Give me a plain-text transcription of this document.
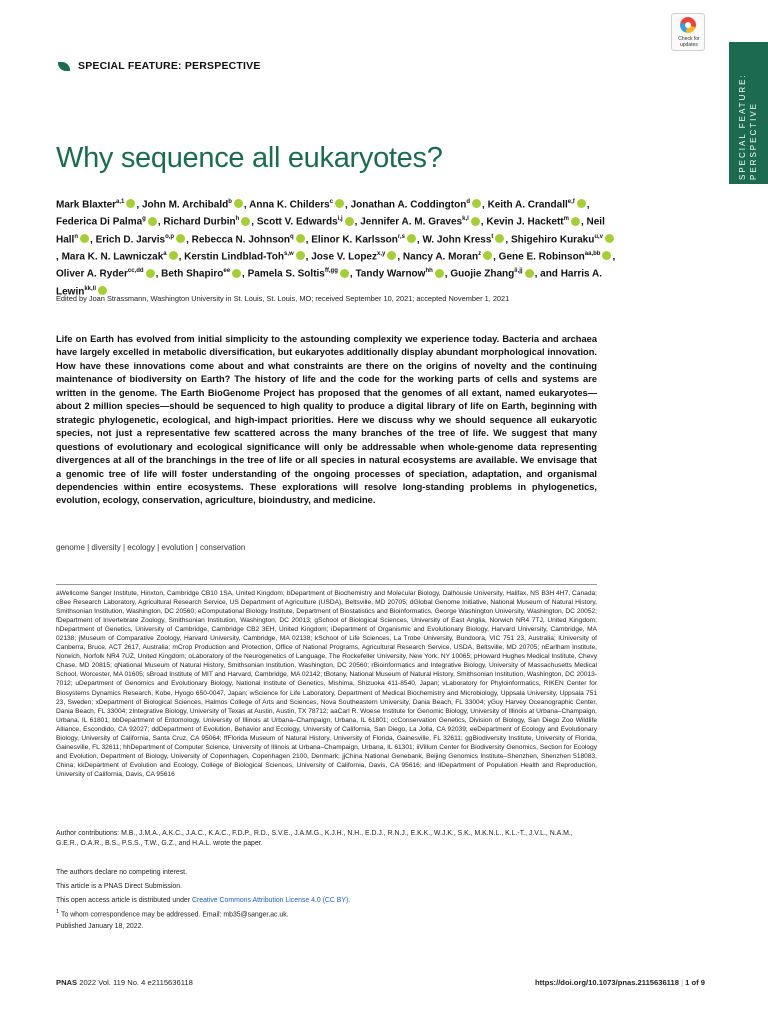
Check for updates
SPECIAL FEATURE: PERSPECTIVE
SPECIAL FEATURE: PERSPECTIVE
Why sequence all eukaryotes?
Mark Blaxter$^{a,1}$ , John M. Archibald$^b$ , Anna K. Childers$^c$ , Jonathan A. Coddington$^d$ , Keith A. Crandall$^{e,f}$ , Federica Di Palma$^g$ , Richard Durbin$^h$ , Scott V. Edwards$^{i,j}$ , Jennifer A. M. Graves$^{k,l}$ , Kevin J. Hackett$^m$ , Neil Hall$^n$ , Erich D. Jarvis$^{o,p}$ , Rebecca N. Johnson$^q$ , Elinor K. Karlsson$^{r,s}$ , W. John Kress$^t$ , Shigehiro Kuraku$^{u,v}$, Mara K. N. Lawniczak$^a$ , Kerstin Lindblad-Toh$^{s,w}$ , Jose V. Lopez$^{x,y}$ , Nancy A. Moran$^z$ , Gene E. Robinson$^{aa,bb}$ , Oliver A. Ryder$^{cc,dd}$ , Beth Shapiro$^{ee}$ , Pamela S. Soltis$^{ff,gg}$ , Tandy Warnow$^{hh}$ , Guojie Zhang$^{ii,jj}$ , and Harris A. Lewin$^{kk,ll}$
Edited by Joan Strassmann, Washington University in St. Louis, St. Louis, MO; received September 10, 2021; accepted November 1, 2021
Life on Earth has evolved from initial simplicity to the astounding complexity we experience today. Bacteria and archaea have largely excelled in metabolic diversification, but eukaryotes additionally display abundant morphological innovation. How have these innovations come about and what constraints are there on the origins of novelty and the continuing maintenance of biodiversity on Earth? The history of life and the code for the working parts of cells and systems are written in the genome. The Earth BioGenome Project has proposed that the genomes of all extant, named eukaryotes—about 2 million species—should be sequenced to high quality to produce a digital library of life on Earth, beginning with strategic phylogenetic, ecological, and high-impact priorities. Here we discuss why we should sequence all eukaryotic species, not just a representative few scattered across the many branches of the tree of life. We suggest that many questions of evolutionary and ecological significance will only be addressable when whole-genome data representing divergences at all of the branchings in the tree of life or all species in natural ecosystems are available. We envisage that a genomic tree of life will foster understanding of the ongoing processes of speciation, adaptation, and organismal dependencies within entire ecosystems. These explorations will resolve long-standing problems in phylogenetics, evolution, ecology, conservation, agriculture, bioindustry, and medicine.
genome | diversity | ecology | evolution | conservation
aWellcome Sanger Institute, Hinxton, Cambridge CB10 1SA, United Kingdom; bDepartment of Biochemistry and Molecular Biology, Dalhousie University, Halifax, NS B3H 4H7, Canada; cBee Research Laboratory, Agricultural Research Service, US Department of Agriculture (USDA), Beltsville, MD 20705; dGlobal Genome Initiative, National Museum of Natural History, Smithsonian Institution, Washington, DC 20560; eComputational Biology Institute, Department of Biostatistics and Bioinformatics, George Washington University, Washington, DC 20052; fDepartment of Invertebrate Zoology, Smithsonian Institution, Washington, DC 20013; gSchool of Biological Sciences, University of East Anglia, Norwich NR4 7TJ, United Kingdom; hDepartment of Genetics, University of Cambridge, Cambridge CB2 3EH, United Kingdom; iDepartment of Organismic and Evolutionary Biology, Harvard University, Cambridge, MA 02138; jMuseum of Comparative Zoology, Harvard University, Cambridge, MA 02138; kSchool of Life Sciences, La Trobe University, Bundoora, VIC 751 23, Australia; lUniversity of Canberra, Bruce, ACT 2617, Australia; mCrop Production and Protection, Office of National Programs, Agricultural Research Service, USDA, Beltsville, MD 20705; nEarlham Institute, Norwich, Norfolk NR4 7UZ, United Kingdom; oLaboratory of the Neurogenetics of Language, The Rockefeller University, New York, NY 10065; pHoward Hughes Medical Institute, Chevy Chase, MD 20815; qNational Museum of Natural History, Smithsonian Institution, Washington, DC 20560; rBioinformatics and Integrative Biology, University of Massachusetts Medical School, Worcester, MA 01605; sBroad Institute of MIT and Harvard, Cambridge, MA 02142; tBotany, National Museum of Natural History, Smithsonian Institution, Washington, DC 20013-7012; uDepartment of Genomics and Evolutionary Biology, National Institute of Genetics, Mishima, Shizuoka 411-8540, Japan; vLaboratory for Phyloinformatics, RIKEN Center for Biosystems Dynamics Research, Kobe, Hyogo 650-0047, Japan; wScience for Life Laboratory, Department of Medical Biochemistry and Microbiology, Uppsala University, Uppsala 751 23, Sweden; xDepartment of Biological Sciences, Halmos College of Arts and Sciences, Nova Southeastern University, Dania Beach, FL 33004; yGuy Harvey Oceanographic Center, Dania Beach, FL 33004; zIntegrative Biology, University of Texas at Austin, Austin, TX 78712; aaCarl R. Woese Institute for Genomic Biology, University of Illinois at Urbana–Champaign, Urbana, IL 61801; bbDepartment of Entomology, University of Illinois at Urbana–Champaign, Urbana, IL 61801; ccConservation Genetics, Division of Biology, San Diego Zoo Wildlife Alliance, Escondido, CA 92027; ddDepartment of Evolution, Behavior and Ecology, University of California, San Diego, La Jolla, CA 92039; eeDepartment of Ecology and Evolutionary Biology, University of California, Santa Cruz, CA 95064; ffFlorida Museum of Natural History, University of Florida, Gainesville, FL 32611; ggBiodiversity Institute, University of Florida, Gainesville, FL 32611; hhDepartment of Computer Science, University of Illinois at Urbana–Champaign, Urbana, IL 61301; iiVillum Center for Biodiversity Genomics, Section for Ecology and Evolution, Department of Biology, University of Copenhagen, Copenhagen 2100, Denmark; jjChina National Genebank, Beijing Genomics Institute–Shenzhen, Shenzhen 518083, China; kkDepartment of Evolution and Ecology, College of Biological Sciences, University of California, Davis, CA 95616; and llDepartment of Population Health and Reproduction, University of California, Davis, CA 95616
Author contributions: M.B., J.M.A., A.K.C., J.A.C., K.A.C., F.D.P., R.D., S.V.E., J.A.M.G., K.J.H., N.H., E.D.J., R.N.J., E.K.K., W.J.K., S.K., M.K.N.L., K.L.-T., J.V.L., N.A.M., G.E.R., O.A.R., B.S., P.S.S., T.W., G.Z., and H.A.L. wrote the paper.
The authors declare no competing interest.
This article is a PNAS Direct Submission.
This open access article is distributed under Creative Commons Attribution License 4.0 (CC BY).
$^1$ To whom correspondence may be addressed. Email: mb35@sanger.ac.uk.
Published January 18, 2022.
PNAS 2022 Vol. 119 No. 4 e2115636118	https://doi.org/10.1073/pnas.2115636118 | 1 of 9
